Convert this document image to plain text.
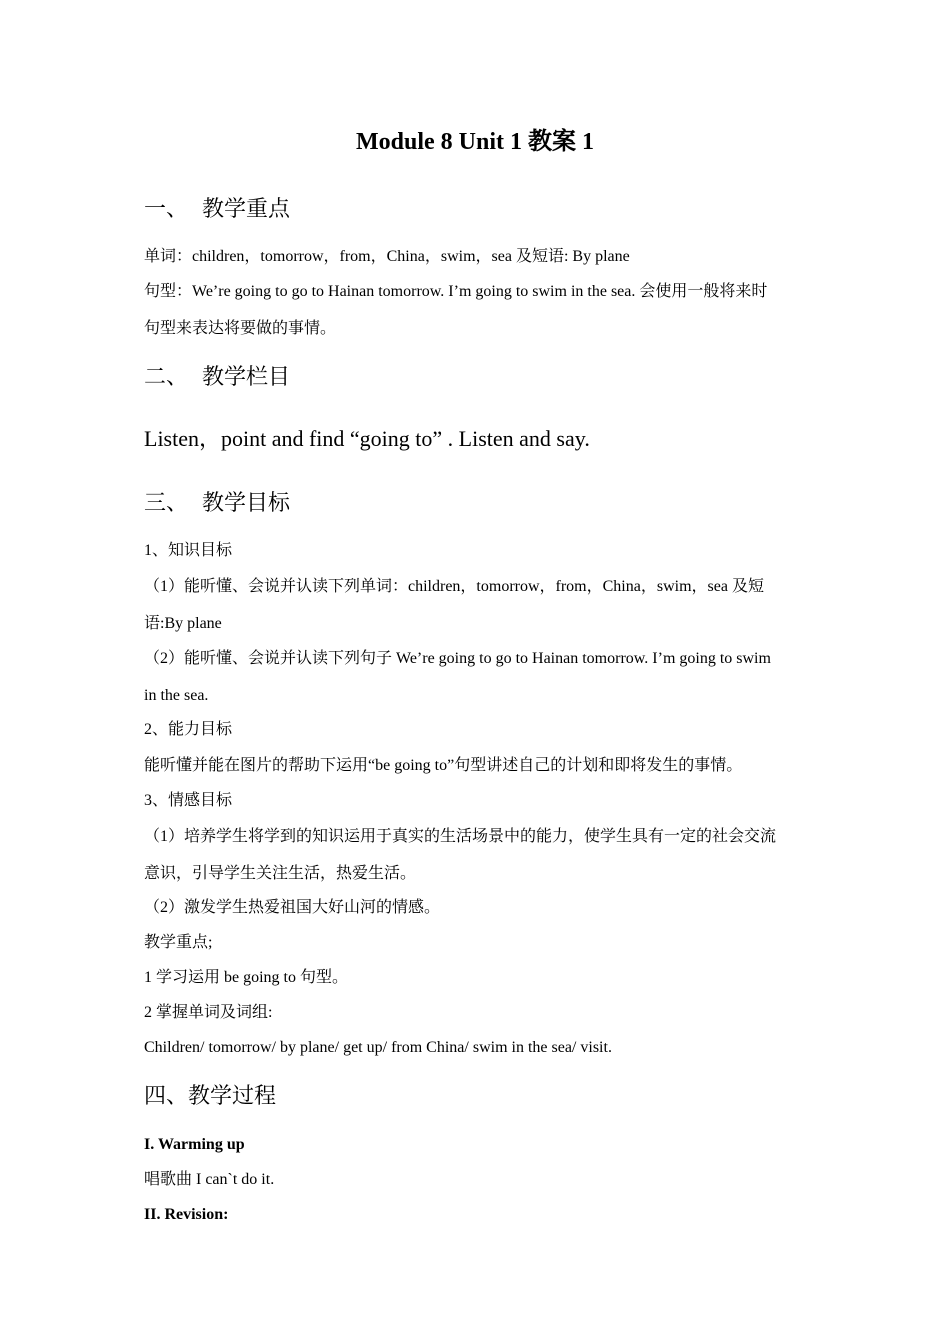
Module 8 Unit 1 教案 1
一、 教学重点
单词：children，tomorrow，from，China，swim，sea 及短语: By plane
句型：We’re going to go to Hainan tomorrow. I’m going to swim in the sea. 会使用一般将来时
句型来表达将要做的事情。
二、 教学栏目
Listen，point and find “going to” . Listen and say.
三、 教学目标
1、知识目标
（1）能听懂、会说并认读下列单词：children，tomorrow，from，China，swim，sea 及短
语:By plane
（2）能听懂、会说并认读下列句子 We’re going to go to Hainan tomorrow. I’m going to swim
in the sea.
2、能力目标
能听懂并能在图片的帮助下运用“be going to”句型讲述自己的计划和即将发生的事情。
3、情感目标
（1）培养学生将学到的知识运用于真实的生活场景中的能力，使学生具有一定的社会交流
意识，引导学生关注生活，热爱生活。
（2）激发学生热爱祖国大好山河的情感。
教学重点;
1 学习运用 be going to 句型。
2 掌握单词及词组:
Children/ tomorrow/ by plane/ get up/ from China/ swim in the sea/ visit.
四、教学过程
I. Warming up
唱歌曲 I can`t do it.
II. Revision:
